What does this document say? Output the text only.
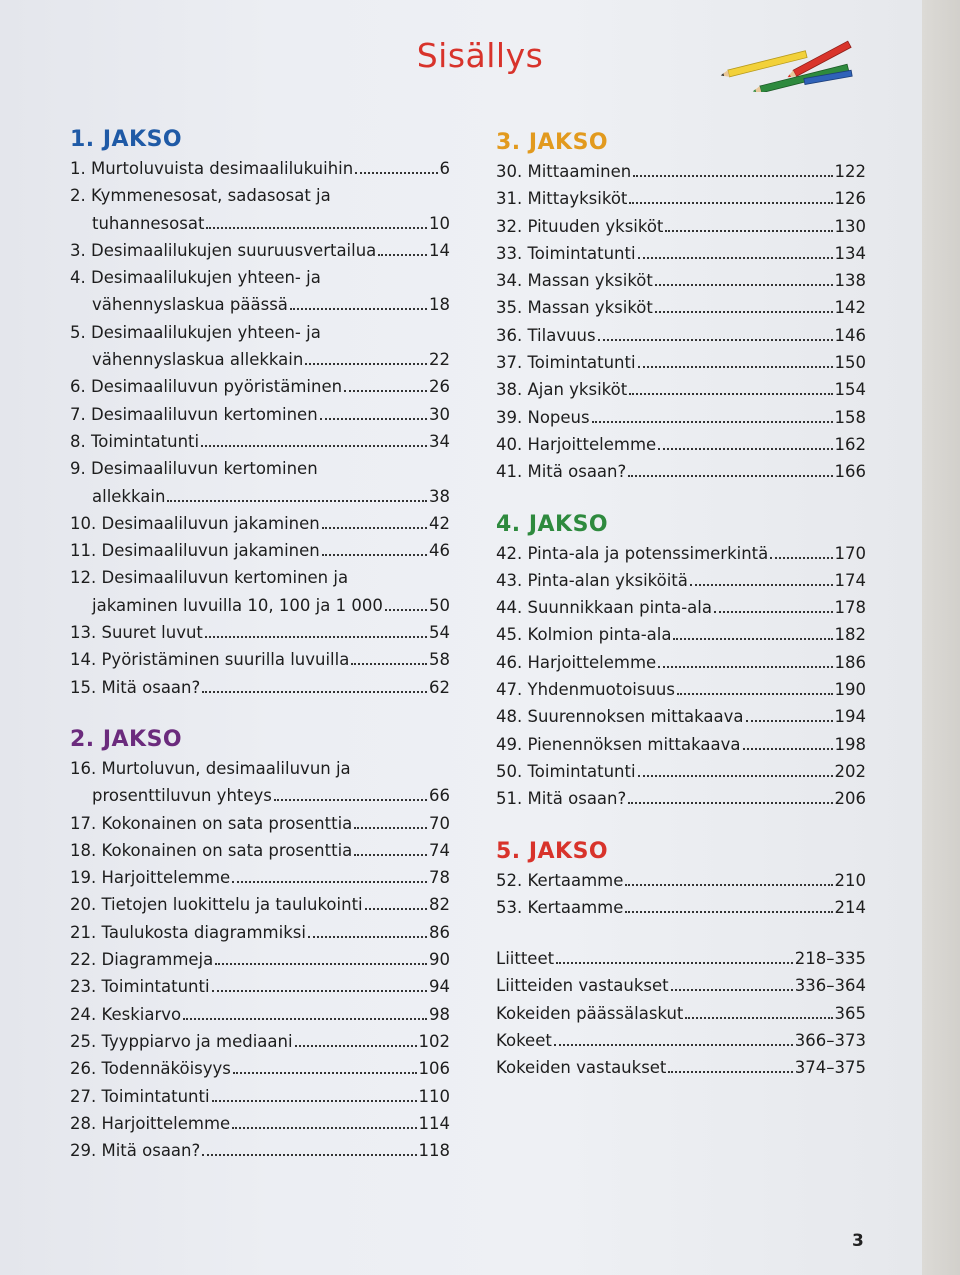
Sisällys
1. JAKSO
1. Murtoluvuista desimaalilukuihin	6
2. Kymmenesosat, sadasosat ja
tuhannesosat	10
3. Desimaalilukujen suuruusvertailua	14
4. Desimaalilukujen yhteen- ja
vähennyslaskua päässä	18
5. Desimaalilukujen yhteen- ja
vähennyslaskua allekkain	22
6. Desimaaliluvun pyöristäminen	26
7. Desimaaliluvun kertominen	30
8. Toimintatunti	34
9. Desimaaliluvun kertominen
allekkain	38
10. Desimaaliluvun jakaminen	42
11. Desimaaliluvun jakaminen	46
12. Desimaaliluvun kertominen ja
jakaminen luvuilla 10, 100 ja 1 000	50
13. Suuret luvut	54
14. Pyöristäminen suurilla luvuilla	58
15. Mitä osaan?	62
2. JAKSO
16. Murtoluvun, desimaaliluvun ja
prosenttiluvun yhteys	66
17. Kokonainen on sata prosenttia	70
18. Kokonainen on sata prosenttia	74
19. Harjoittelemme	78
20. Tietojen luokittelu ja taulukointi	82
21. Taulukosta diagrammiksi	86
22. Diagrammeja	90
23. Toimintatunti	94
24. Keskiarvo	98
25. Tyyppiarvo ja mediaani	102
26. Todennäköisyys	106
27. Toimintatunti	110
28. Harjoittelemme	114
29. Mitä osaan?	118
3. JAKSO
30. Mittaaminen	122
31. Mittayksiköt	126
32. Pituuden yksiköt	130
33. Toimintatunti	134
34. Massan yksiköt	138
35. Massan yksiköt	142
36. Tilavuus	146
37. Toimintatunti	150
38. Ajan yksiköt	154
39. Nopeus	158
40. Harjoittelemme	162
41. Mitä osaan?	166
4. JAKSO
42. Pinta-ala ja potenssimerkintä	170
43. Pinta-alan yksiköitä	174
44. Suunnikkaan pinta-ala	178
45. Kolmion pinta-ala	182
46. Harjoittelemme	186
47. Yhdenmuotoisuus	190
48. Suurennoksen mittakaava	194
49. Pienennöksen mittakaava	198
50. Toimintatunti	202
51. Mitä osaan?	206
5. JAKSO
52. Kertaamme	210
53. Kertaamme	214
Liitteet	218–335
Liitteiden vastaukset	336–364
Kokeiden päässälaskut	365
Kokeet	366–373
Kokeiden vastaukset	374–375
3
